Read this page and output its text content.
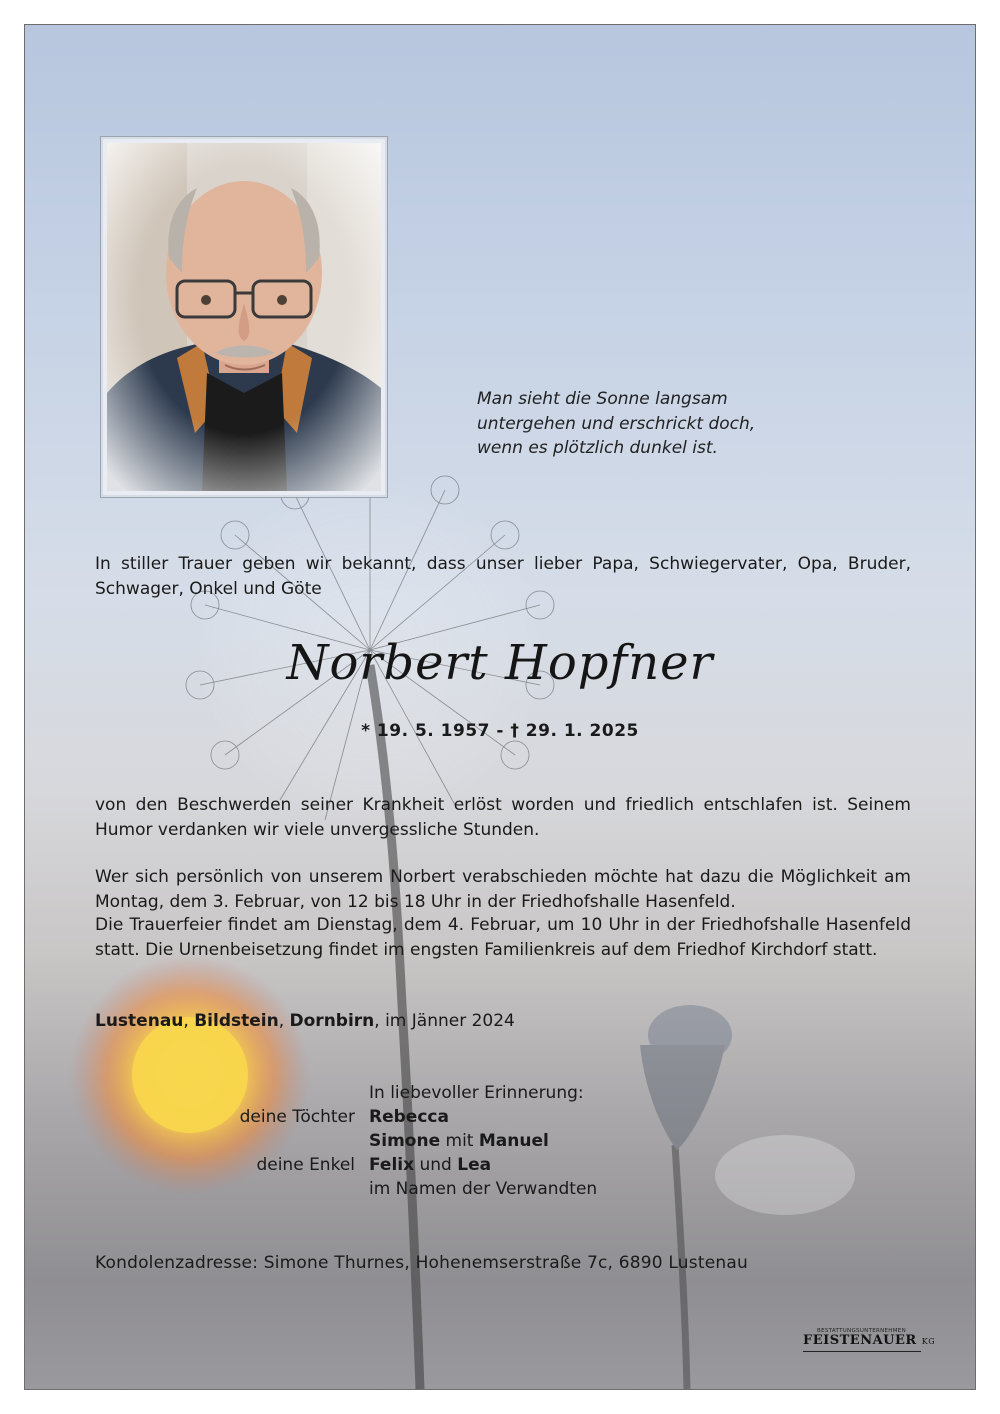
Man sieht die Sonne langsam
untergehen und erschrickt doch,
wenn es plötzlich dunkel ist.
In stiller Trauer geben wir bekannt, dass unser lieber Papa, Schwiegervater, Opa, Bruder, Schwager, Onkel und Göte
Norbert Hopfner
* 19. 5. 1957 - † 29. 1. 2025
von den Beschwerden seiner Krankheit erlöst worden und friedlich entschlafen ist. Seinem Humor verdanken wir viele unvergessliche Stunden.
Wer sich persönlich von unserem Norbert verabschieden möchte hat dazu die Möglichkeit am Montag, dem 3. Februar, von 12 bis 18 Uhr in der Friedhofshalle Hasenfeld.
Die Trauerfeier findet am Dienstag, dem 4. Februar, um 10 Uhr in der Friedhofshalle Hasenfeld statt. Die Urnenbeisetzung findet im engsten Familienkreis auf dem Friedhof Kirchdorf statt.
Lustenau, Bildstein, Dornbirn, im Jänner 2024
In liebevoller Erinnerung:
deine Töchter Rebecca
Simone mit Manuel
deine Enkel Felix und Lea
im Namen der Verwandten
Kondolenzadresse: Simone Thurnes, Hohenemserstraße 7c, 6890 Lustenau
BESTATTUNGSUNTERNEHMEN
FEISTENAUER KG
